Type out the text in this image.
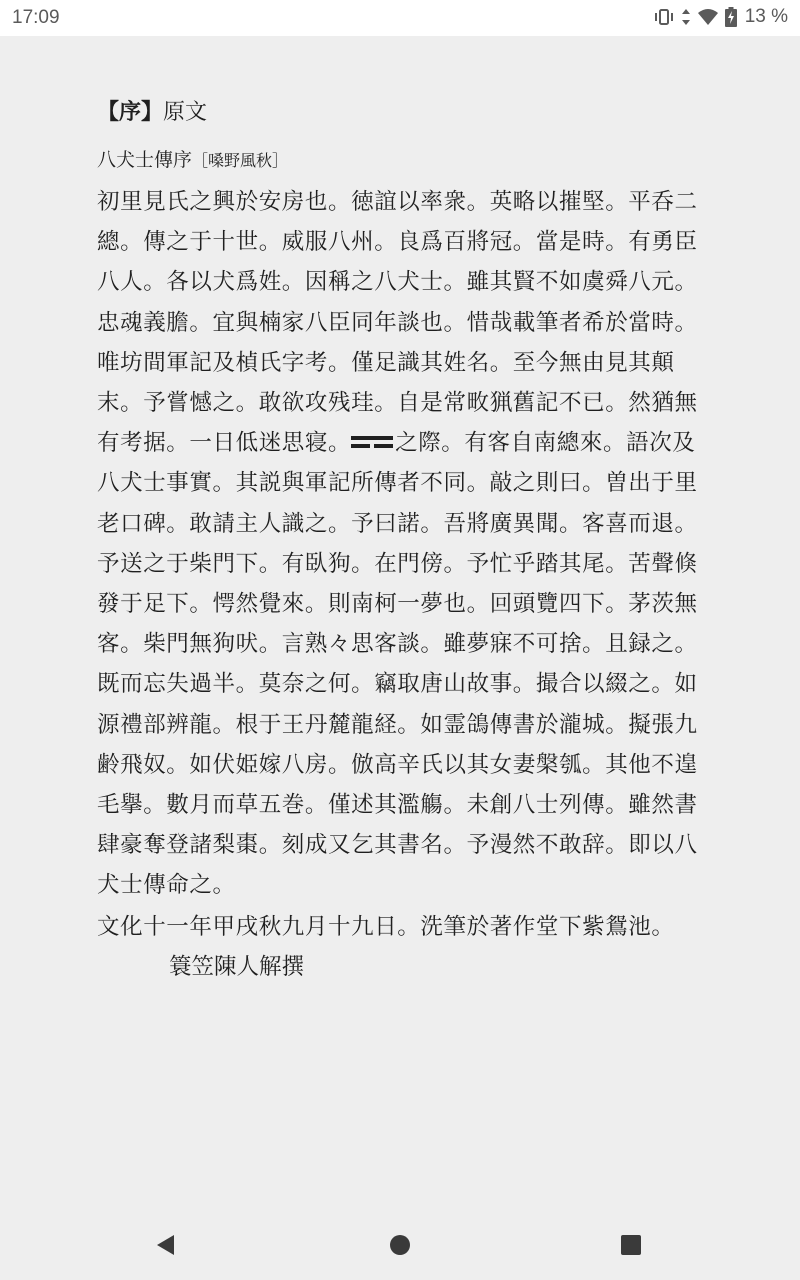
17:09	13 %
【序】原文
八犬士傳序［嗓野風秋］
初里見氏之興於安房也。徳誼以率衆。英略以摧堅。平呑二總。傳之于十世。威服八州。良爲百將冠。當是時。有勇臣八人。各以犬爲姓。因稱之八犬士。雖其賢不如虞舜八元。忠魂義膽。宜與楠家八臣同年談也。惜哉載筆者希於當時。唯坊間軍記及楨氏字考。僅足識其姓名。至今無由見其顛末。予嘗憾之。敢欲攻残珪。自是常畋猟舊記不已。然猶無有考据。一日低迷思寝。 之際。有客自南總來。語次及八犬士事實。其説與軍記所傳者不同。敲之則曰。曽出于里老口碑。敢請主人識之。予曰諾。吾將廣異聞。客喜而退。予送之于柴門下。有臥狗。在門傍。予忙乎踏其尾。苦聲倏發于足下。愕然覺來。則南柯一夢也。回頭覽四下。茅茨無客。柴門無狗吠。言熟々思客談。雖夢寐不可捨。且録之。既而忘失過半。莫奈之何。竊取唐山故事。撮合以綴之。如源禮部辨龍。根于王丹麓龍経。如霊鴿傳書於瀧城。擬張九齢飛奴。如伏姫嫁八房。倣高辛氏以其女妻槃瓠。其他不遑毛擧。數月而草五巻。僅述其濫觴。未創八士列傳。雖然書肆豪奪登諸梨棗。刻成又乞其書名。予漫然不敢辞。即以八犬士傳命之。
文化十一年甲戌秋九月十九日。洗筆於著作堂下紫鴛池。
簑笠陳人解撰
